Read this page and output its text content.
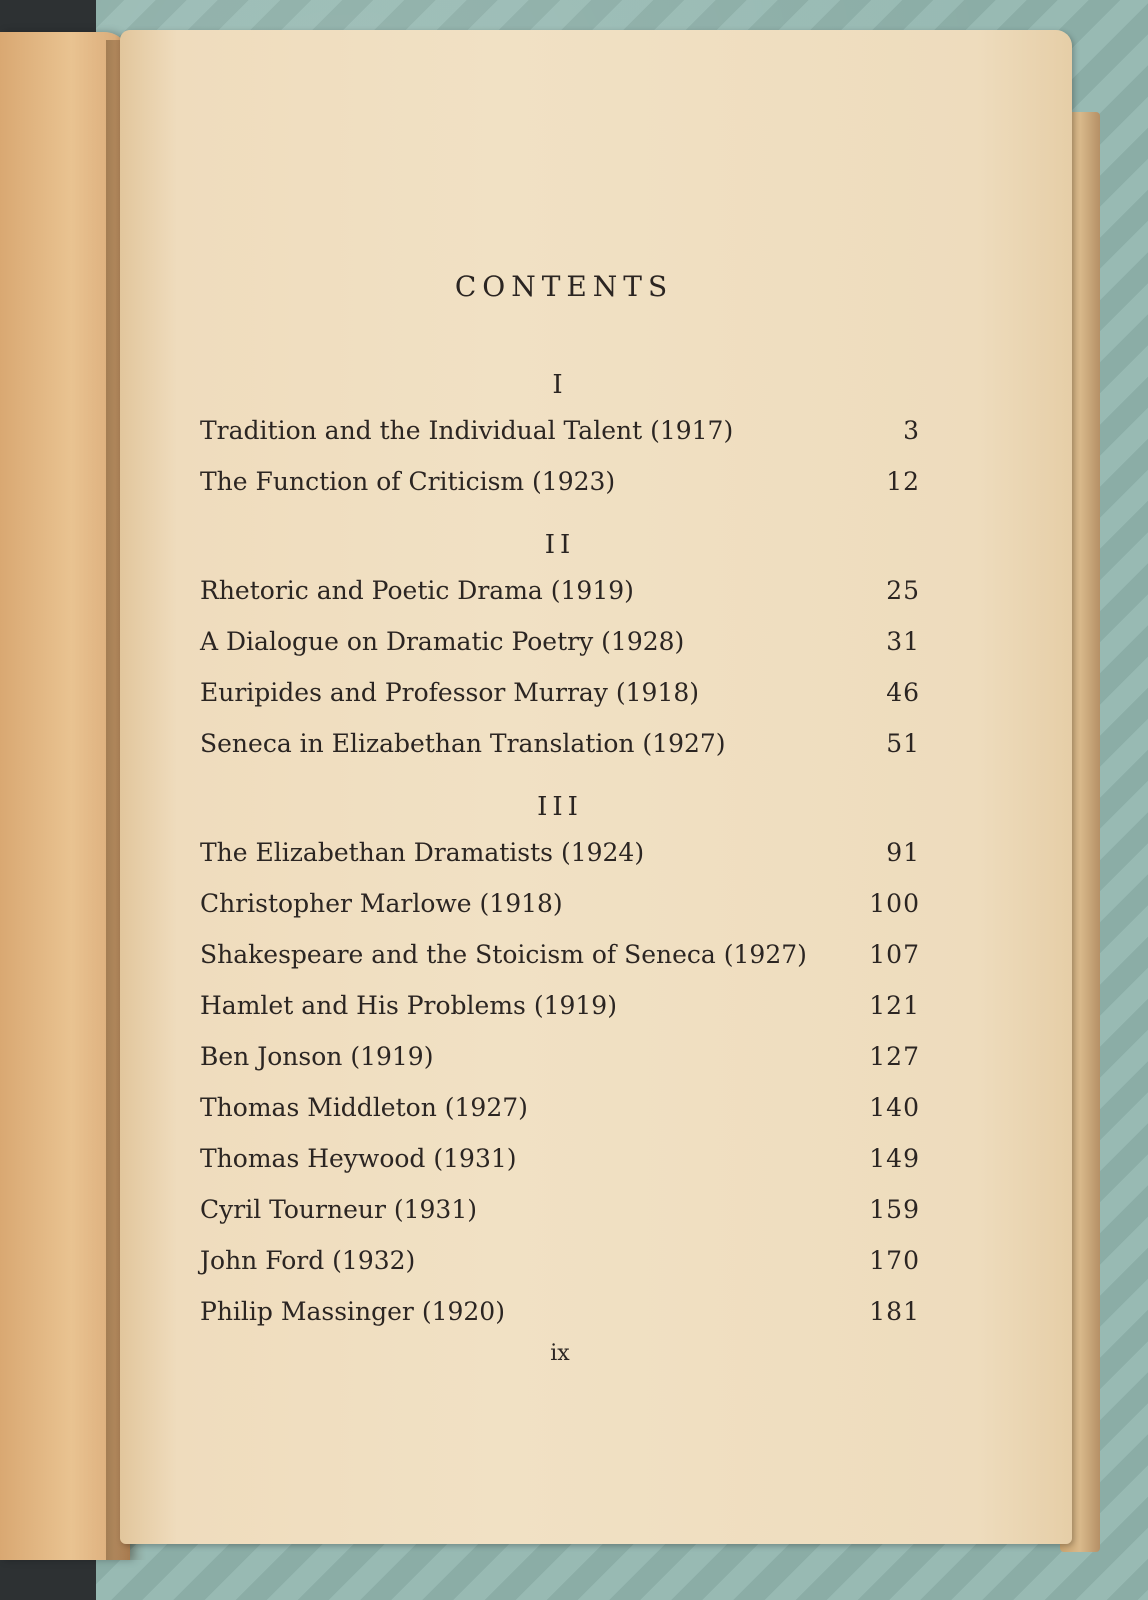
CONTENTS
I
Tradition and the Individual Talent (1917)	3
The Function of Criticism (1923)	12
II
Rhetoric and Poetic Drama (1919)	25
A Dialogue on Dramatic Poetry (1928)	31
Euripides and Professor Murray (1918)	46
Seneca in Elizabethan Translation (1927)	51
III
The Elizabethan Dramatists (1924)	91
Christopher Marlowe (1918)	100
Shakespeare and the Stoicism of Seneca (1927)	107
Hamlet and His Problems (1919)	121
Ben Jonson (1919)	127
Thomas Middleton (1927)	140
Thomas Heywood (1931)	149
Cyril Tourneur (1931)	159
John Ford (1932)	170
Philip Massinger (1920)	181
ix
